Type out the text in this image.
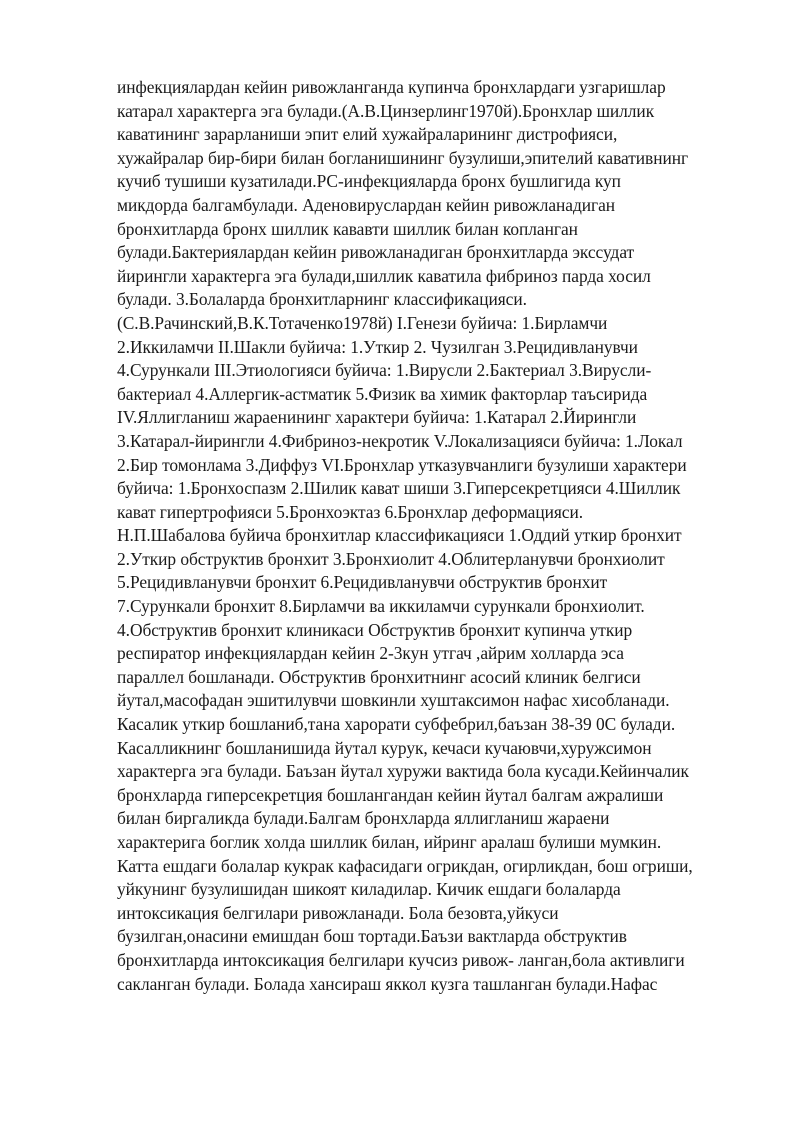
инфекциялардан кейин ривожланганда купинча бронхлардаги узгаришлар
катарал характерга эга булади.(А.В.Цинзерлинг1970й).Бронхлар шиллик
каватининг зарарланиши эпит елий хужайраларининг дистрофияси,
хужайралар бир-бири билан богланишининг бузулиши,эпителий кавативнинг
кучиб тушиши кузатилади.РС-инфекцияларда бронх бушлигида куп
микдорда балгамбулади. Аденовируслардан кейин ривожланадиган
бронхитларда бронх шиллик кававти шиллик билан копланган
булади.Бактериялардан кейин ривожланадиган бронхитларда экссудат
йирингли характерга эга булади,шиллик каватила фибриноз парда хосил
булади. 3.Болаларда бронхитларнинг классификацияси.
(С.В.Рачинский,В.К.Тотаченко1978й) I.Генези буйича: 1.Бирламчи
2.Иккиламчи II.Шакли буйича: 1.Уткир 2. Чузилган 3.Рецидивланувчи
4.Сурункали III.Этиологияси буйича: 1.Вирусли 2.Бактериал 3.Вирусли-
бактериал 4.Аллергик-астматик 5.Физик ва химик факторлар таъсирида
IV.Яллигланиш жараенининг характери буйича: 1.Катарал 2.Йирингли
3.Катарал-йирингли 4.Фибриноз-некротик V.Локализацияси буйича: 1.Локал
2.Бир томонлама 3.Диффуз VI.Бронхлар утказувчанлиги бузулиши характери
буйича: 1.Бронхоспазм 2.Шилик кават шиши 3.Гиперсекретцияси 4.Шиллик
кават гипертрофияси 5.Бронхоэктаз 6.Бронхлар деформацияси.
Н.П.Шабалова буйича бронхитлар классификацияси 1.Оддий уткир бронхит
2.Уткир обструктив бронхит 3.Бронхиолит 4.Облитерланувчи бронхиолит
5.Рецидивланувчи бронхит 6.Рецидивланувчи обструктив бронхит
7.Сурункали бронхит 8.Бирламчи ва иккиламчи сурункали бронхиолит.
4.Обструктив бронхит клиникаси Обструктив бронхит купинча уткир
респиратор инфекциялардан кейин 2-3кун утгач ,айрим холларда эса
параллел бошланади. Обструктив бронхитнинг асосий клиник белгиси
йутал,масофадан эшитилувчи шовкинли хуштаксимон нафас хисобланади.
Касалик уткир бошланиб,тана харорати субфебрил,баъзан 38-39 0С булади.
Касалликнинг бошланишида йутал курук, кечаси кучаювчи,хуружсимон
характерга эга булади. Баъзан йутал хуружи вактида бола кусади.Кейинчалик
бронхларда гиперсекретция бошлангандан кейин йутал балгам ажралиши
билан биргаликда булади.Балгам бронхларда яллигланиш жараени
характерига боглик холда шиллик билан, ийринг аралаш булиши мумкин.
Катта ешдаги болалар кукрак кафасидаги огрикдан, огирликдан, бош огриши,
уйкунинг бузулишидан шикоят киладилар. Кичик ешдаги болаларда
интоксикация белгилари ривожланади. Бола безовта,уйкуси
бузилган,онасини емишдан бош тортади.Баъзи вактларда обструктив
бронхитларда интоксикация белгилари кучсиз ривож- ланган,бола активлиги
сакланган булади. Болада хансираш яккол кузга ташланган булади.Нафас
